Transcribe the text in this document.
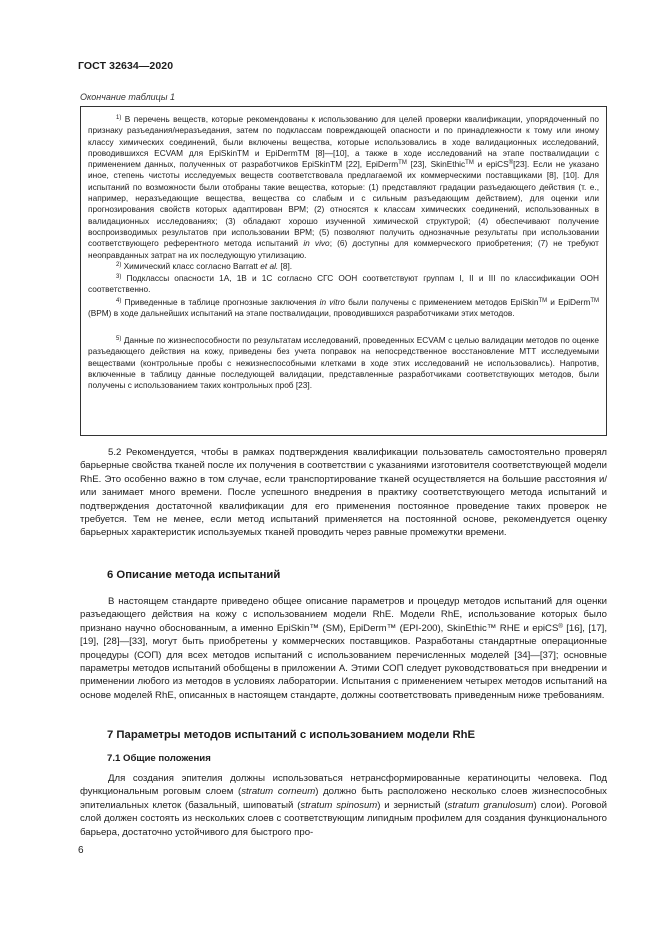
ГОСТ 32634—2020
Окончание таблицы 1

$^{1)}$ В перечень веществ, которые рекомендованы к использованию для целей проверки квалификации, упорядоченный по признаку разъедания/неразъедания, затем по подклассам повреждающей опасности и по принадлежности к тому или иному классу химических соединений, были включены вещества, которые использовались в ходе валидационных исследований, проводившихся ECVAM для EpiSkinTM и EpiDermTM [8]—[10], а также в ходе исследований на этапе поствалидации с применением данных, полученных от разработчиков EpiSkinTM [22], EpiDerm™ [23], SkinEthic™ и epiCS®[23]. Если не указано иное, степень чистоты исследуемых веществ соответствовала предлагаемой их коммерческими поставщиками [8], [10]. Для испытаний по возможности были отобраны такие вещества, которые: (1) представляют градации разъедающего действия (т. е., например, неразъедающие вещества, вещества со слабым и с сильным разъедающим действием), для оценки или прогнозирования свойств которых адаптирован ВРМ; (2) относятся к классам химических соединений, использованных в валидационных исследованиях; (3) обладают хорошо изученной химической структурой; (4) обеспечивают получение воспроизводимых результатов при использовании ВРМ; (5) позволяют получить однозначные результаты при использовании соответствующего референтного метода испытаний in vivo; (6) доступны для коммерческого приобретения; (7) не требуют неоправданных затрат на их последующую утилизацию.

$^{2)}$ Химический класс согласно Barratt et al. [8].

$^{3)}$ Подклассы опасности 1А, 1В и 1С согласно СГС ООН соответствуют группам I, II и III по классификации ООН соответственно.

$^{4)}$ Приведенные в таблице прогнозные заключения in vitro были получены с применением методов EpiSkin™ и EpiDerm™ (ВРМ) в ходе дальнейших испытаний на этапе поствалидации, проводившихся разработчиками этих методов.

$^{5)}$ Данные по жизнеспособности по результатам исследований, проведенных ECVAM с целью валидации методов по оценке разъедающего действия на кожу, приведены без учета поправок на непосредственное восстановление МТТ исследуемыми веществами (контрольные пробы с нежизнеспособными клетками в ходе этих исследований не использовались). Напротив, включенные в таблицу данные последующей валидации, представленные разработчиками соответствующих методов, были получены с использованием таких контрольных проб [23].

5.2 Рекомендуется, чтобы в рамках подтверждения квалификации пользователь самостоятельно проверял барьерные свойства тканей после их получения в соответствии с указаниями изготовителя соответствующей модели RhE. Это особенно важно в том случае, если транспортирование тканей осуществляется на большие расстояния и/или занимает много времени. После успешного внедрения в практику соответствующего метода испытаний и подтверждения достаточной квалификации для его применения постоянное проведение таких проверок не требуется. Тем не менее, если метод испытаний применяется на постоянной основе, рекомендуется оценку барьерных характеристик используемых тканей проводить через равные промежутки времени.

6 Описание метода испытаний

В настоящем стандарте приведено общее описание параметров и процедур методов испытаний для оценки разъедающего действия на кожу с использованием модели RhE. Модели RhE, использование которых было признано научно обоснованным, а именно EpiSkin™ (SM), EpiDerm™ (EPI-200), SkinEthic™ RHE и epiCS® [16], [17], [19], [28]—[33], могут быть приобретены у коммерческих поставщиков. Разработаны стандартные операционные процедуры (СОП) для всех методов испытаний с использованием перечисленных моделей [34]—[37]; основные параметры методов испытаний обобщены в приложении А. Этими СОП следует руководствоваться при внедрении и применении любого из методов в условиях лаборатории. Испытания с применением четырех методов испытаний на основе моделей RhE, описанных в настоящем стандарте, должны соответствовать приведенным ниже требованиям.

7 Параметры методов испытаний с использованием модели RhE
7.1 Общие положения

Для создания эпителия должны использоваться нетрансформированные кератиноциты человека. Под функциональным роговым слоем (stratum corneum) должно быть расположено несколько слоев жизнеспособных эпителиальных клеток (базальный, шиповатый (stratum spinosum) и зернистый (stratum granulosum) слои). Роговой слой должен состоять из нескольких слоев с соответствующим липидным профилем для создания функционального барьера, достаточно устойчивого для быстрого про-

6
